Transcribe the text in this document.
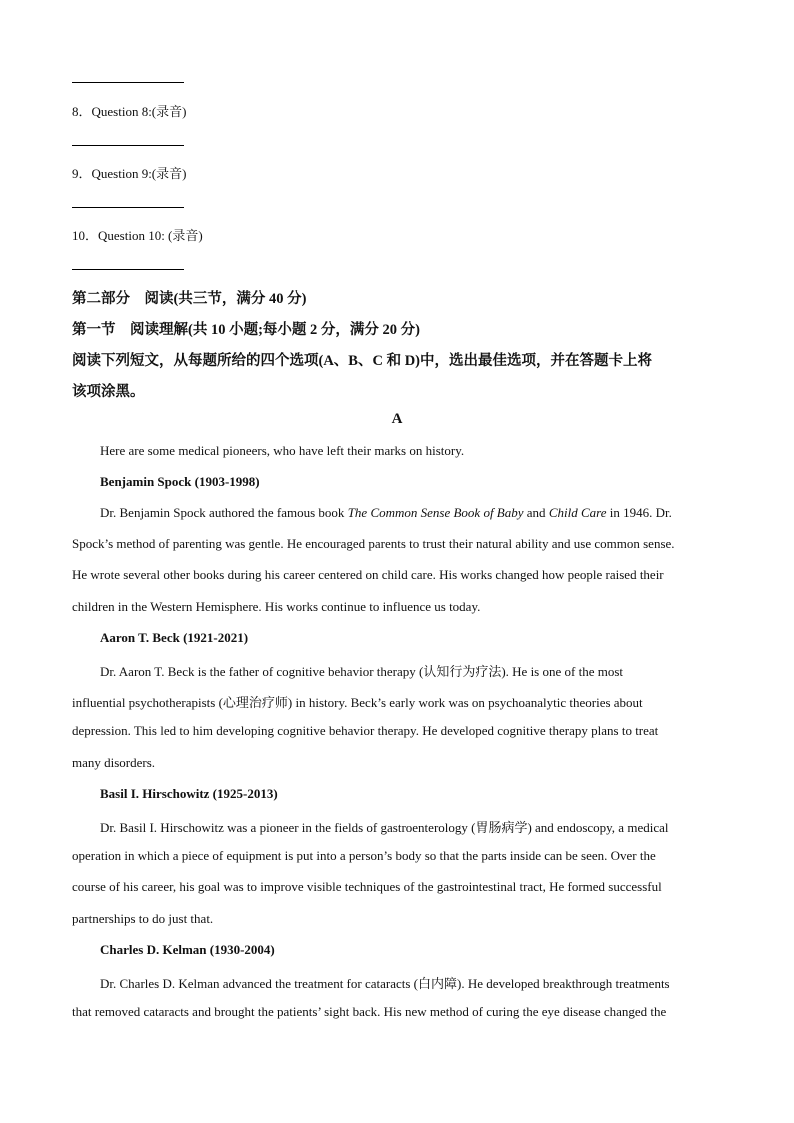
8．Question 8:(录音)
9．Question 9:(录音)
10．Question 10: (录音)
第二部分　阅读(共三节，满分 40 分)
第一节　阅读理解(共 10 小题;每小题 2 分，满分 20 分)
阅读下列短文，从每题所给的四个选项(A、B、C 和 D)中，选出最佳选项，并在答题卡上将
该项涂黑。
A
Here are some medical pioneers, who have left their marks on history.
Benjamin Spock (1903-1998)
Dr. Benjamin Spock authored the famous book The Common Sense Book of Baby and Child Care in 1946. Dr.
Spock’s method of parenting was gentle. He encouraged parents to trust their natural ability and use common sense.
He wrote several other books during his career centered on child care. His works changed how people raised their
children in the Western Hemisphere. His works continue to influence us today.
Aaron T. Beck (1921-2021)
Dr. Aaron T. Beck is the father of cognitive behavior therapy (认知行为疗法). He is one of the most
influential psychotherapists (心理治疗师) in history. Beck’s early work was on psychoanalytic theories about
depression. This led to him developing cognitive behavior therapy. He developed cognitive therapy plans to treat
many disorders.
Basil I. Hirschowitz (1925-2013)
Dr. Basil I. Hirschowitz was a pioneer in the fields of gastroenterology (胃肠病学) and endoscopy, a medical
operation in which a piece of equipment is put into a person’s body so that the parts inside can be seen. Over the
course of his career, his goal was to improve visible techniques of the gastrointestinal tract, He formed successful
partnerships to do just that.
Charles D. Kelman (1930-2004)
Dr. Charles D. Kelman advanced the treatment for cataracts (白内障). He developed breakthrough treatments
that removed cataracts and brought the patients’ sight back. His new method of curing the eye disease changed the
